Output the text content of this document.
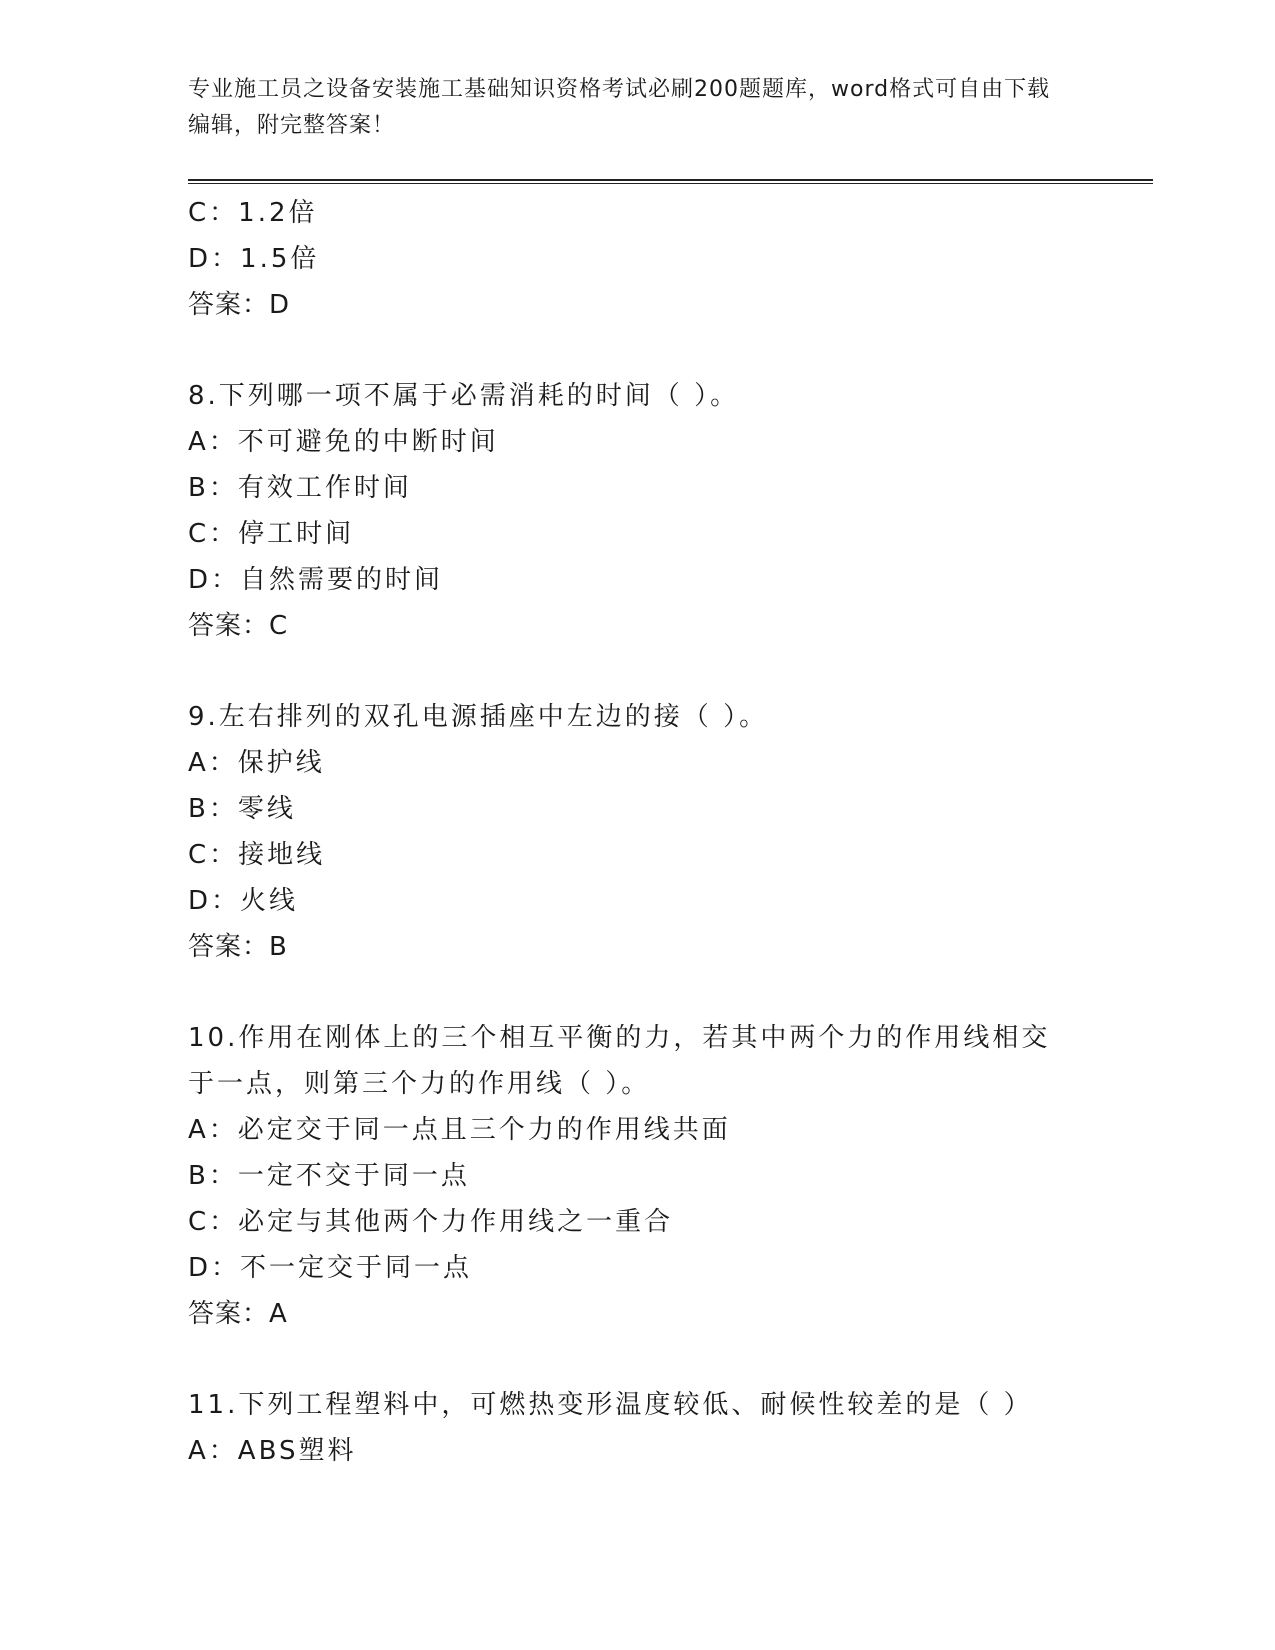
专业施工员之设备安装施工基础知识资格考试必刷200题题库，word格式可自由下载编辑，附完整答案！
C：1.2倍
D：1.5倍
答案：D
8.下列哪一项不属于必需消耗的时间（ ）。
A：不可避免的中断时间
B：有效工作时间
C：停工时间
D：自然需要的时间
答案：C
9.左右排列的双孔电源插座中左边的接（ ）。
A：保护线
B：零线
C：接地线
D：火线
答案：B
10.作用在刚体上的三个相互平衡的力，若其中两个力的作用线相交于一点，则第三个力的作用线（ ）。
A：必定交于同一点且三个力的作用线共面
B：一定不交于同一点
C：必定与其他两个力作用线之一重合
D：不一定交于同一点
答案：A
11.下列工程塑料中，可燃热变形温度较低、耐候性较差的是（ ）
A：ABS塑料
